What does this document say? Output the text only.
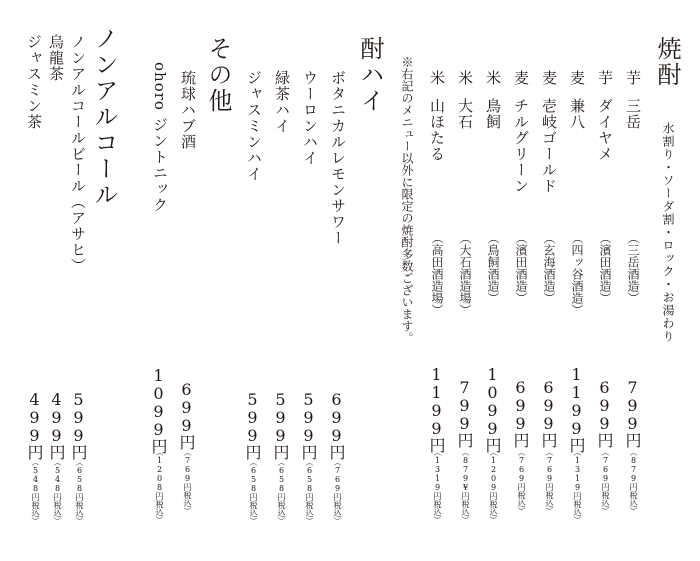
焼酎
水割り・ソーダ割・ロック・お湯わり
芋
三岳
（三岳酒造）
799円
（879円税込）
芋
ダイヤメ
（濱田酒造）
699円
（769円税込）
麦
兼八
（四ッ谷酒造）
1199円
（1319円税込）
麦
壱岐ゴールド
（玄海酒造）
699円
（769円税込）
麦
チルグリーン
（濱田酒造）
699円
（769円税込）
米
鳥飼
（鳥飼酒造）
1099円
（1209円税込）
米
大石
（大石酒造場）
799円
（879¥円税込）
米
山ほたる
（高田酒造場）
1199円
（1319円税込）
※右記のメニュー以外に限定の焼酎多数ございます。
酎ハイ
ボタニカルレモンサワー
699円
（769円税込）
ウーロンハイ
599円
（658円税込）
緑茶ハイ
599円
（658円税込）
ジャスミンハイ
599円
（658円税込）
その他
琉球ハブ酒
699円
（769円税込）
ohoro ジントニック
1099円
（1208円税込）
ノンアルコール
ノンアルコールビール（アサヒ）
599円
（658円税込）
烏龍茶
499円
（548円税込）
ジャスミン茶
499円
（548円税込）
